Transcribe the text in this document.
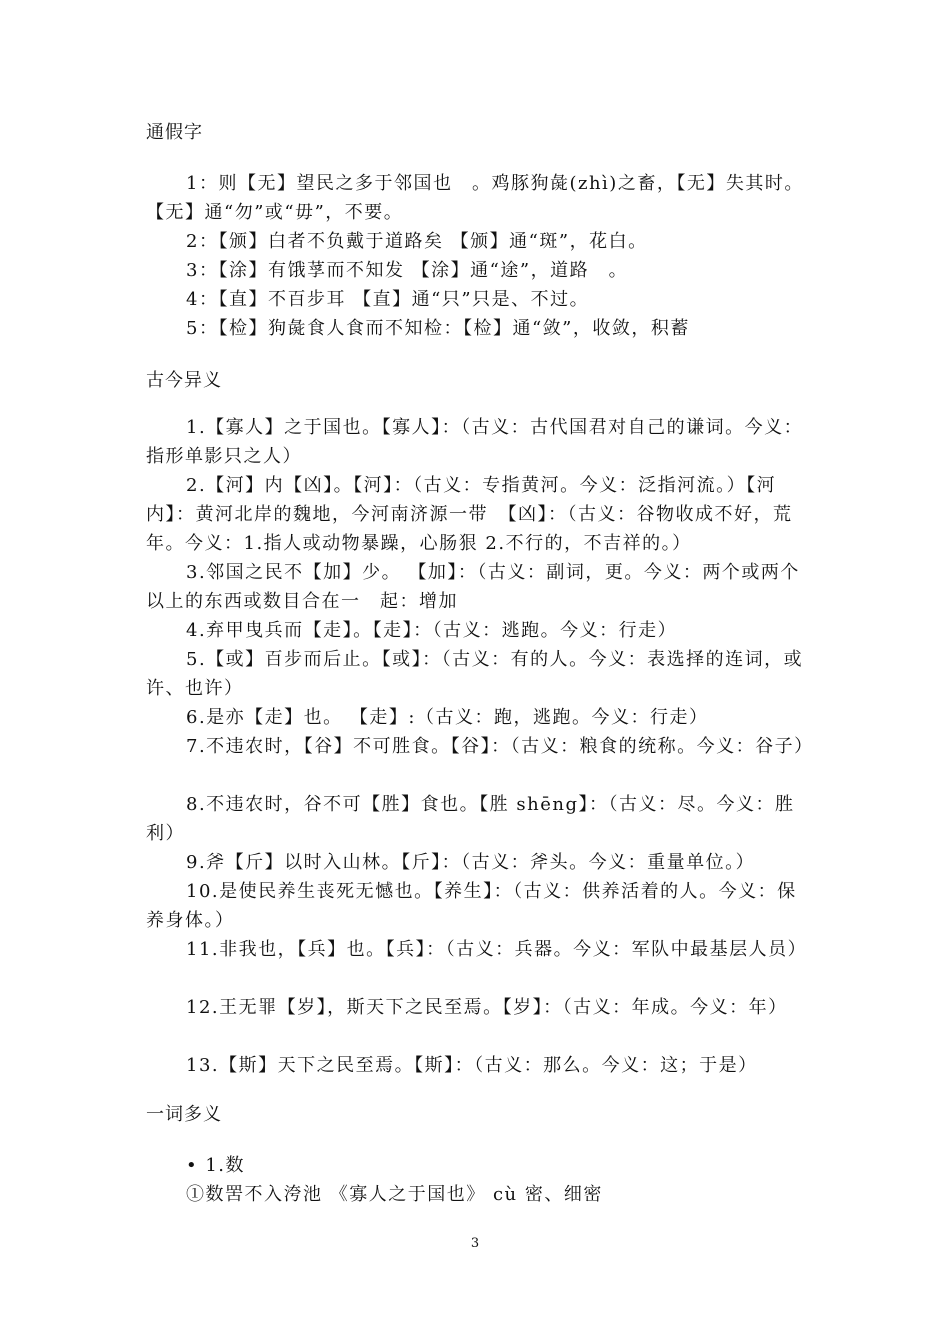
通假字

1：则【无】望民之多于邻国也　。鸡豚狗彘(zhì)之畜，【无】失其时。【无】通“勿”或“毋”，不要。

2：【颁】白者不负戴于道路矣 【颁】通“斑”，花白。
3：【涂】有饿莩而不知发 【涂】通“途”，道路　。
4：【直】不百步耳 【直】通“只”只是、不过。
5：【检】狗彘食人食而不知检：【检】通“敛”，收敛，积蓄
古今异义

1.【寡人】之于国也。【寡人】：（古义：古代国君对自己的谦词。今义：指形单影只之人）

2.【河】内【凶】。【河】：（古义：专指黄河。今义：泛指河流。）【河内】：黄河北岸的魏地，今河南济源一带　【凶】：（古义：谷物收成不好，荒年。今义：1.指人或动物暴躁，心肠狠 2.不行的，不吉祥的。）

3.邻国之民不【加】少。 【加】：（古义：副词，更。今义：两个或两个以上的东西或数目合在一　起：增加

4.弃甲曳兵而【走】。【走】：（古义：逃跑。今义：行走）

5.【或】百步而后止。【或】：（古义：有的人。今义：表选择的连词，或许、也许）

6.是亦【走】也。 【走】:（古义：跑，逃跑。今义：行走）

7.不违农时，【谷】不可胜食。【谷】：（古义：粮食的统称。今义：谷子）

8.不违农时，谷不可【胜】食也。【胜 shēng】：（古义：尽。今义：胜利）

9.斧【斤】以时入山林。【斤】：（古义：斧头。今义：重量单位。）

10.是使民养生丧死无憾也。【养生】：（古义：供养活着的人。今义：保养身体。）

11.非我也，【兵】也。【兵】：（古义：兵器。今义：军队中最基层人员）

12.王无罪【岁】，斯天下之民至焉。【岁】：（古义：年成。今义：年）

13.【斯】天下之民至焉。【斯】：（古义：那么。今义：这；于是）
一词多义
• 1.数
①数罟不入洿池 《寡人之于国也》 cù 密、细密
3
